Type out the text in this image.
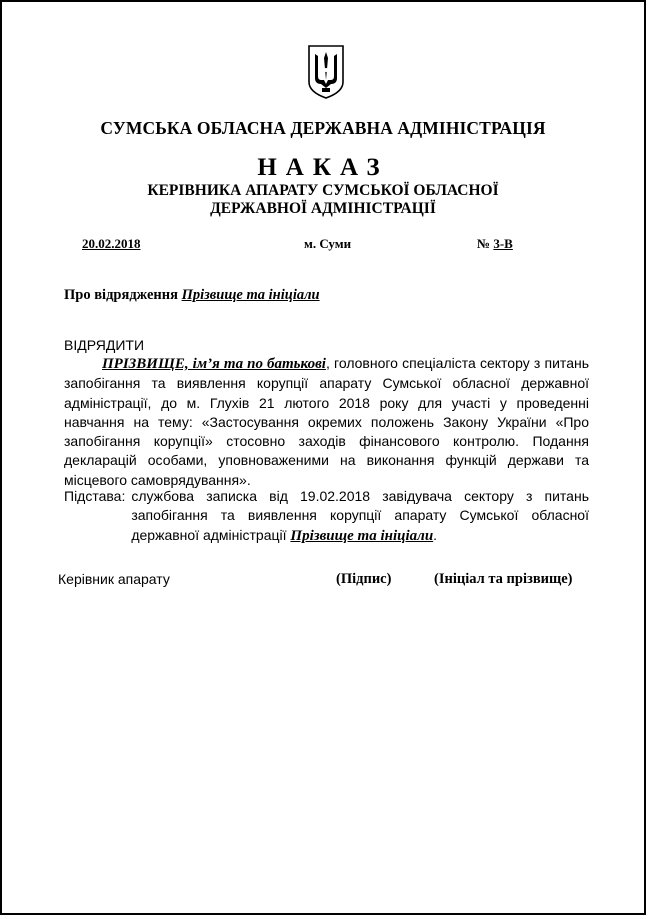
СУМСЬКА ОБЛАСНА ДЕРЖАВНА АДМІНІСТРАЦІЯ
НАКАЗ
КЕРІВНИКА АПАРАТУ СУМСЬКОЇ ОБЛАСНОЇ
ДЕРЖАВНОЇ АДМІНІСТРАЦІЇ
20.02.2018	м. Суми	№ 3-В
Про відрядження Прізвище та ініціали
ВІДРЯДИТИ
ПРІЗВИЩЕ, ім’я та по батькові, головного спеціаліста сектору з питань запобігання та виявлення корупції апарату Сумської обласної державної адміністрації, до м. Глухів 21 лютого 2018 року для участі у проведенні навчання на тему: «Застосування окремих положень Закону України «Про запобігання корупції» стосовно заходів фінансового контролю. Подання декларацій особами, уповноваженими на виконання функцій держави та місцевого самоврядування».
Підстава: службова записка від 19.02.2018 завідувача сектору з питань запобігання та виявлення корупції апарату Сумської обласної державної адміністрації Прізвище та ініціали.
Керівник апарату	(Підпис)	(Ініціал та прізвище)
